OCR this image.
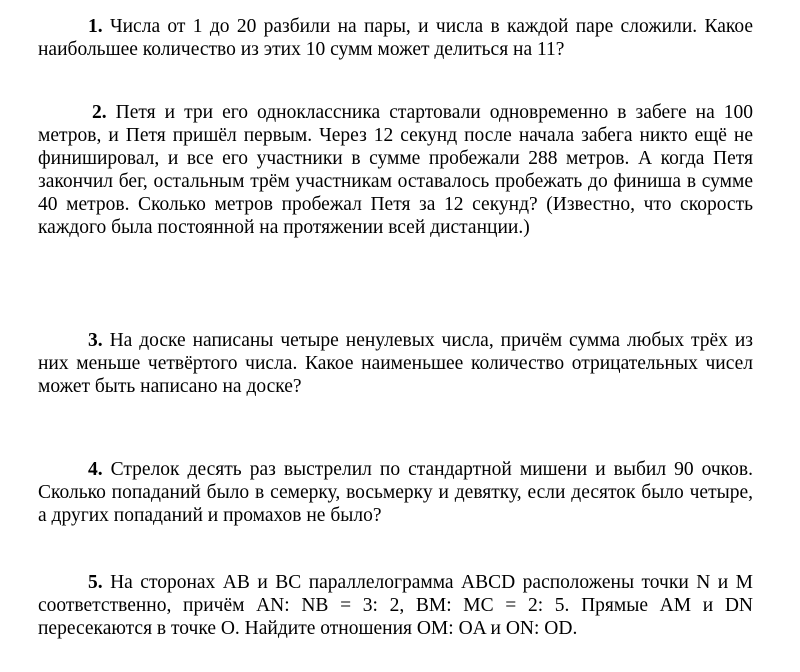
1. Числа от 1 до 20 разбили на пары, и числа в каждой паре сложили. Какое наибольшее количество из этих 10 сумм может делиться на 11?

2. Петя и три его одноклассника стартовали одновременно в забеге на 100 метров, и Петя пришёл первым. Через 12 секунд после начала забега никто ещё не финишировал, и все его участники в сумме пробежали 288 метров. А когда Петя закончил бег, остальным трём участникам оставалось пробежать до финиша в сумме 40 метров. Сколько метров пробежал Петя за 12 секунд? (Известно, что скорость каждого была постоянной на протяжении всей дистанции.)

3. На доске написаны четыре ненулевых числа, причём сумма любых трёх из них меньше четвёртого числа. Какое наименьшее количество отрицательных чисел может быть написано на доске?

4. Стрелок десять раз выстрелил по стандартной мишени и выбил 90 очков. Сколько попаданий было в семерку, восьмерку и девятку, если десяток было четыре, а других попаданий и промахов не было?

5. На сторонах AB и BC параллелограмма ABCD расположены точки N и M соответственно, причём AN: NB = 3: 2, BM: MC = 2: 5. Прямые AM и DN пересекаются в точке O. Найдите отношения OM: OA и ON: OD.
